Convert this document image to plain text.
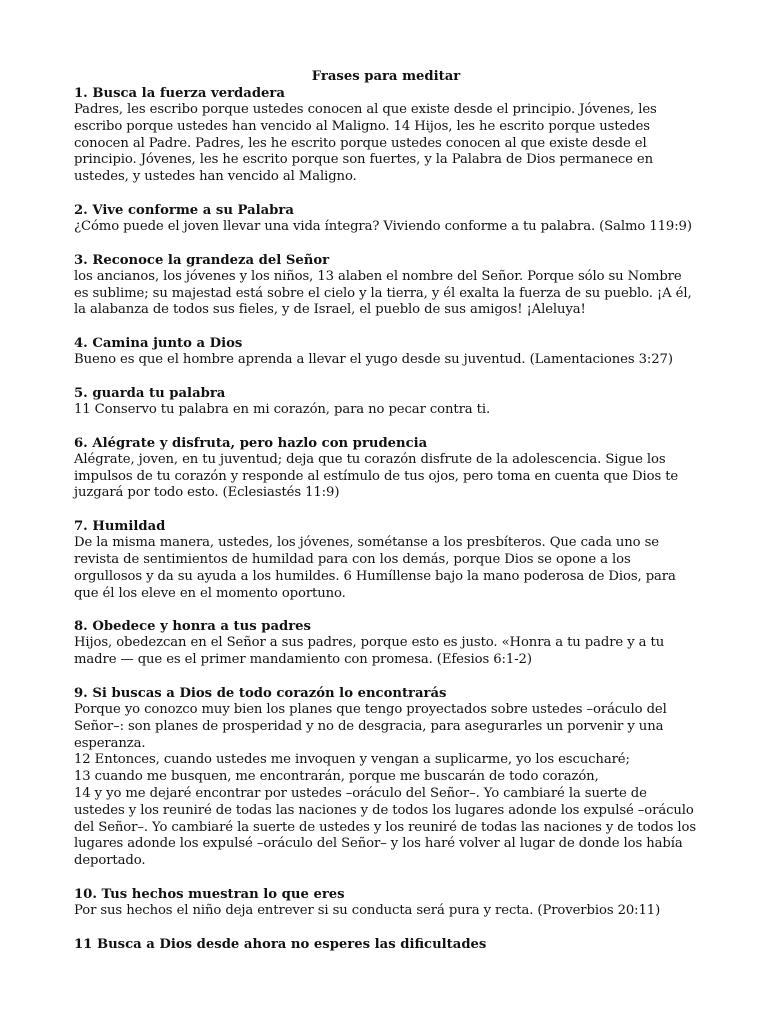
Frases para meditar
1. Busca la fuerza verdadera

Padres, les escribo porque ustedes conocen al que existe desde el principio. Jóvenes, les escribo porque ustedes han vencido al Maligno. 14 Hijos, les he escrito porque ustedes conocen al Padre. Padres, les he escrito porque ustedes conocen al que existe desde el principio. Jóvenes, les he escrito porque son fuertes, y la Palabra de Dios permanece en ustedes, y ustedes han vencido al Maligno.

2. Vive conforme a su Palabra

¿Cómo puede el joven llevar una vida íntegra? Viviendo conforme a tu palabra. (Salmo 119:9)

3. Reconoce la grandeza del Señor

los ancianos, los jóvenes y los niños, 13 alaben el nombre del Señor. Porque sólo su Nombre es sublime; su majestad está sobre el cielo y la tierra, y él exalta la fuerza de su pueblo. ¡A él, la alabanza de todos sus fieles, y de Israel, el pueblo de sus amigos! ¡Aleluya!

4. Camina junto a Dios

Bueno es que el hombre aprenda a llevar el yugo desde su juventud. (Lamentaciones 3:27)

5. guarda tu palabra

11 Conservo tu palabra en mi corazón, para no pecar contra ti.

6. Alégrate y disfruta, pero hazlo con prudencia

Alégrate, joven, en tu juventud; deja que tu corazón disfrute de la adolescencia. Sigue los impulsos de tu corazón y responde al estímulo de tus ojos, pero toma en cuenta que Dios te juzgará por todo esto. (Eclesiastés 11:9)

7. Humildad

De la misma manera, ustedes, los jóvenes, sométanse a los presbíteros. Que cada uno se revista de sentimientos de humildad para con los demás, porque Dios se opone a los orgullosos y da su ayuda a los humildes. 6 Humíllense bajo la mano poderosa de Dios, para que él los eleve en el momento oportuno.

8. Obedece y honra a tus padres

Hijos, obedezcan en el Señor a sus padres, porque esto es justo. «Honra a tu padre y a tu madre — que es el primer mandamiento con promesa. (Efesios 6:1-2)

9. Si buscas a Dios de todo corazón lo encontrarás

Porque yo conozco muy bien los planes que tengo proyectados sobre ustedes –oráculo del Señor–: son planes de prosperidad y no de desgracia, para asegurarles un porvenir y una esperanza.
12 Entonces, cuando ustedes me invoquen y vengan a suplicarme, yo los escucharé;
13 cuando me busquen, me encontrarán, porque me buscarán de todo corazón,
14 y yo me dejaré encontrar por ustedes –oráculo del Señor–. Yo cambiaré la suerte de ustedes y los reuniré de todas las naciones y de todos los lugares adonde los expulsé –oráculo del Señor–. Yo cambiaré la suerte de ustedes y los reuniré de todas las naciones y de todos los lugares adonde los expulsé –oráculo del Señor– y los haré volver al lugar de donde los había deportado.

10. Tus hechos muestran lo que eres

Por sus hechos el niño deja entrever si su conducta será pura y recta. (Proverbios 20:11)

11 Busca a Dios desde ahora no esperes las dificultades
